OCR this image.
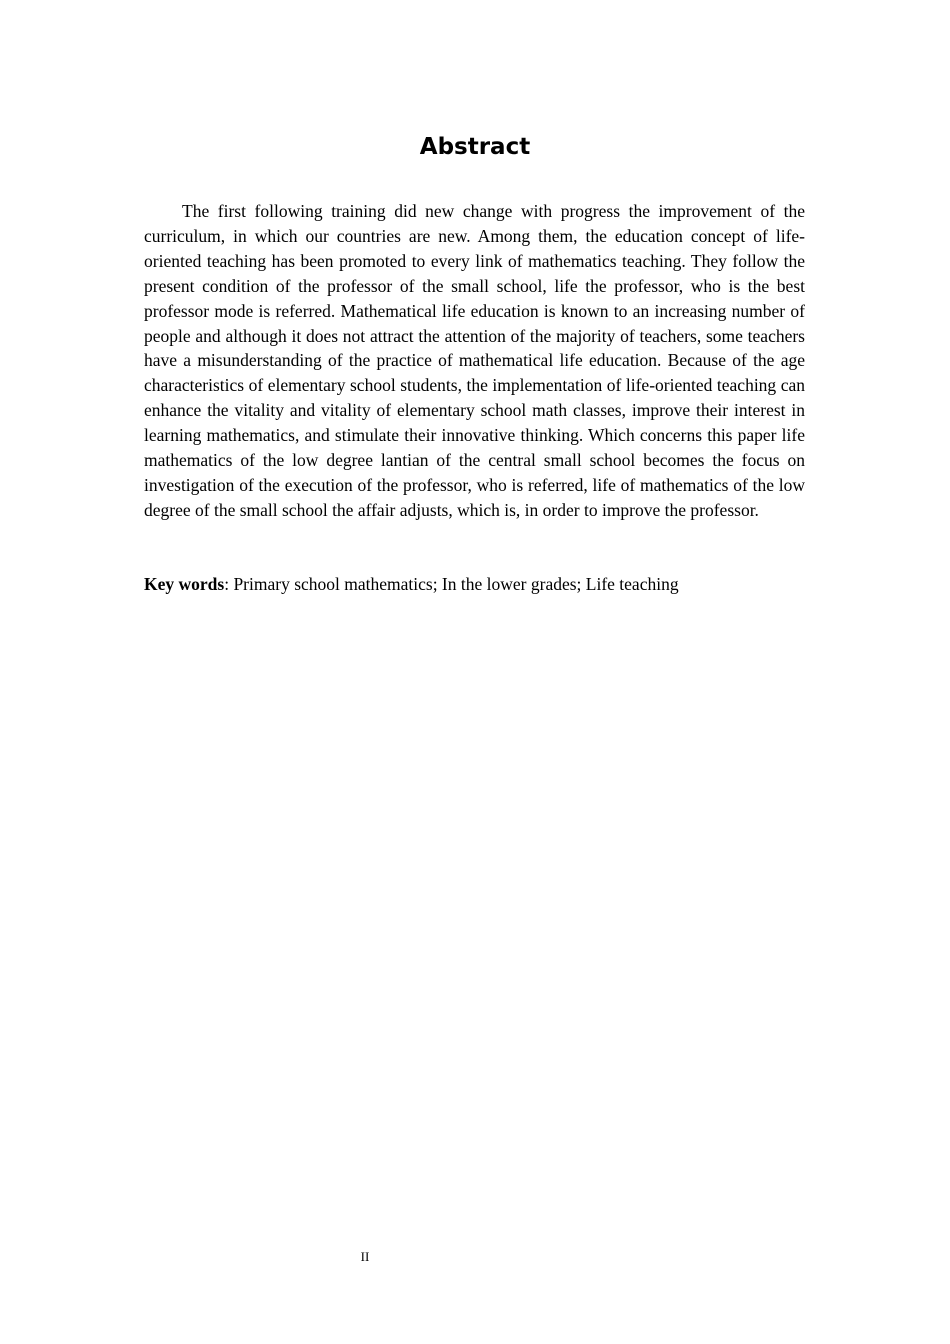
Abstract

The first following training did new change with progress the improvement of the curriculum, in which our countries are new. Among them, the education concept of life-oriented teaching has been promoted to every link of mathematics teaching. They follow the present condition of the professor of the small school, life the professor, who is the best professor mode is referred. Mathematical life education is known to an increasing number of people and although it does not attract the attention of the majority of teachers, some teachers have a misunderstanding of the practice of mathematical life education. Because of the age characteristics of elementary school students, the implementation of life-oriented teaching can enhance the vitality and vitality of elementary school math classes, improve their interest in learning mathematics, and stimulate their innovative thinking. Which concerns this paper life mathematics of the low degree lantian of the central small school becomes the focus on investigation of the execution of the professor, who is referred, life of mathematics of the low degree of the small school the affair adjusts, which is, in order to improve the professor.

Key words: Primary school mathematics; In the lower grades; Life teaching

II
